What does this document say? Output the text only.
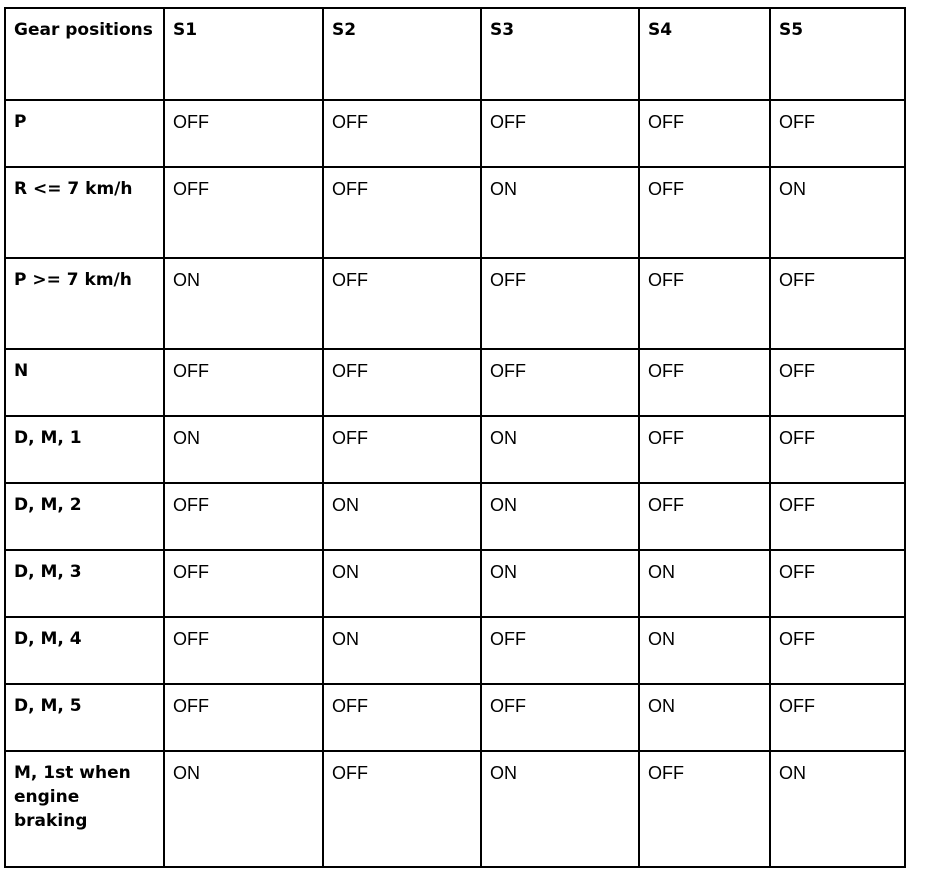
Gear positions	S1	S2	S3	S4	S5
P	OFF	OFF	OFF	OFF	OFF
R <= 7 km/h	OFF	OFF	ON	OFF	ON
P >= 7 km/h	ON	OFF	OFF	OFF	OFF
N	OFF	OFF	OFF	OFF	OFF
D, M, 1	ON	OFF	ON	OFF	OFF
D, M, 2	OFF	ON	ON	OFF	OFF
D, M, 3	OFF	ON	ON	ON	OFF
D, M, 4	OFF	ON	OFF	ON	OFF
D, M, 5	OFF	OFF	OFF	ON	OFF
M, 1st when engine braking	ON	OFF	ON	OFF	ON
